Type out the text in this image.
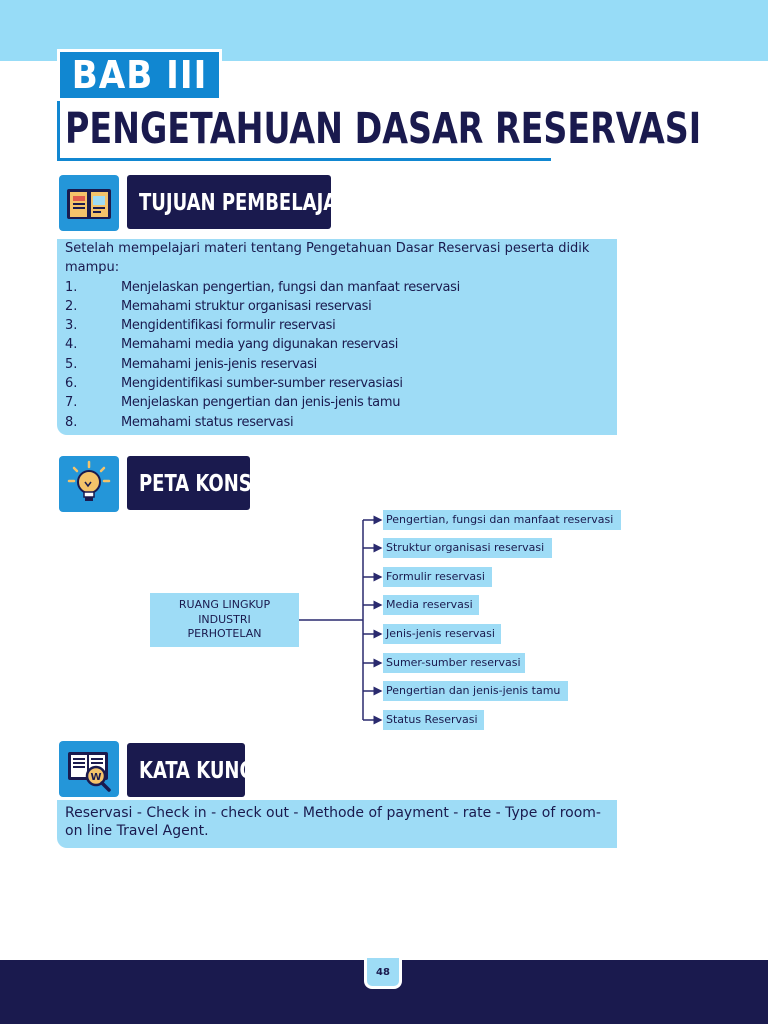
BAB III
PENGETAHUAN DASAR RESERVASI
TUJUAN PEMBELAJARAN
Setelah mempelajari materi tentang Pengetahuan Dasar Reservasi peserta didik mampu:
1.	Menjelaskan pengertian, fungsi dan manfaat reservasi
2.	Memahami struktur organisasi reservasi
3.	Mengidentifikasi formulir reservasi
4.	Memahami media yang digunakan reservasi
5.	Memahami jenis-jenis reservasi
6.	Mengidentifikasi sumber-sumber reservasiasi
7.	Menjelaskan pengertian dan jenis-jenis tamu
8.	Memahami status reservasi
PETA KONSEP
RUANG LINGKUP
INDUSTRI
PERHOTELAN
Pengertian, fungsi dan manfaat reservasi
Struktur organisasi reservasi
Formulir reservasi
Media reservasi
Jenis-jenis reservasi
Sumer-sumber reservasi
Pengertian dan jenis-jenis tamu
Status Reservasi
W KATA KUNCI
Reservasi - Check in - check out - Methode of payment - rate - Type of room- on line Travel Agent.
48
